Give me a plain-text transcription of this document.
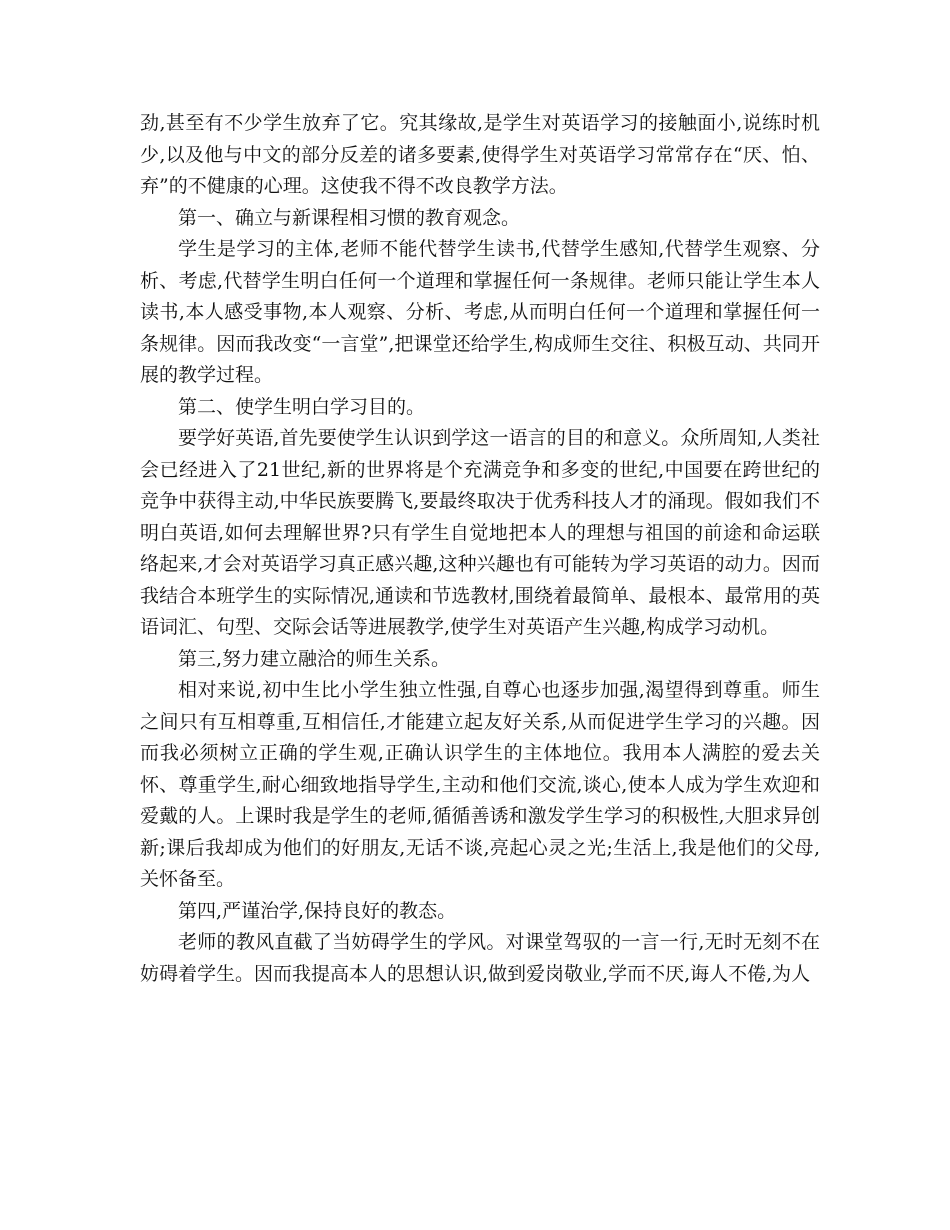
劲,甚至有不少学生放弃了它。究其缘故,是学生对英语学习的接触面小,说练时机少,以及他与中文的部分反差的诸多要素,使得学生对英语学习常常存在“厌、怕、弃”的不健康的心理。这使我不得不改良教学方法。

第一、确立与新课程相习惯的教育观念。

学生是学习的主体,老师不能代替学生读书,代替学生感知,代替学生观察、分析、考虑,代替学生明白任何一个道理和掌握任何一条规律。老师只能让学生本人读书,本人感受事物,本人观察、分析、考虑,从而明白任何一个道理和掌握任何一条规律。因而我改变“一言堂”,把课堂还给学生,构成师生交往、积极互动、共同开展的教学过程。

第二、使学生明白学习目的。

要学好英语,首先要使学生认识到学这一语言的目的和意义。众所周知,人类社会已经进入了21世纪,新的世界将是个充满竞争和多变的世纪,中国要在跨世纪的竞争中获得主动,中华民族要腾飞,要最终取决于优秀科技人才的涌现。假如我们不明白英语,如何去理解世界?只有学生自觉地把本人的理想与祖国的前途和命运联络起来,才会对英语学习真正感兴趣,这种兴趣也有可能转为学习英语的动力。因而我结合本班学生的实际情况,通读和节选教材,围绕着最简单、最根本、最常用的英语词汇、句型、交际会话等进展教学,使学生对英语产生兴趣,构成学习动机。

第三,努力建立融洽的师生关系。

相对来说,初中生比小学生独立性强,自尊心也逐步加强,渴望得到尊重。师生之间只有互相尊重,互相信任,才能建立起友好关系,从而促进学生学习的兴趣。因而我必须树立正确的学生观,正确认识学生的主体地位。我用本人满腔的爱去关怀、尊重学生,耐心细致地指导学生,主动和他们交流,谈心,使本人成为学生欢迎和爱戴的人。上课时我是学生的老师,循循善诱和激发学生学习的积极性,大胆求异创新;课后我却成为他们的好朋友,无话不谈,亮起心灵之光;生活上,我是他们的父母,关怀备至。

第四,严谨治学,保持良好的教态。

老师的教风直截了当妨碍学生的学风。对课堂驾驭的一言一行,无时无刻不在妨碍着学生。因而我提高本人的思想认识,做到爱岗敬业,学而不厌,诲人不倦,为人
